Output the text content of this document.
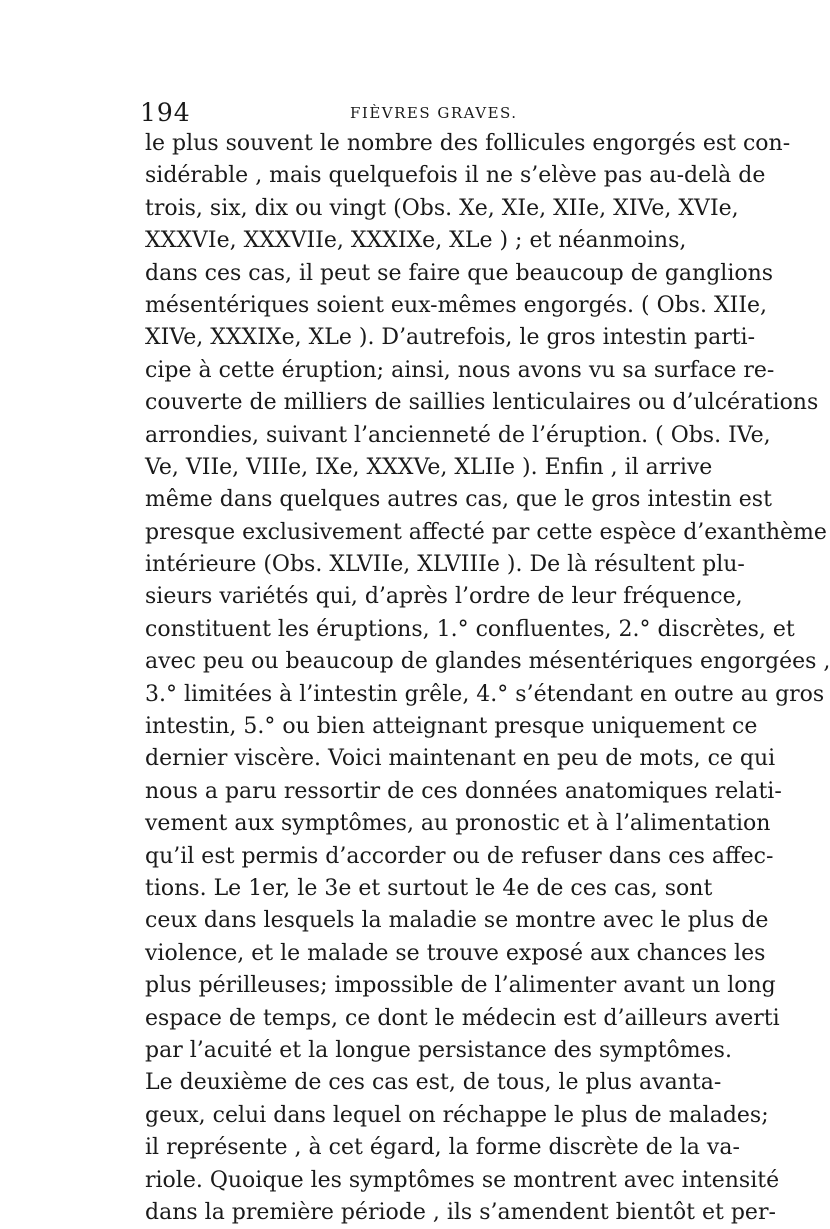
194	FIÈVRES GRAVES.
le plus souvent le nombre des follicules engorgés est con-
sidérable , mais quelquefois il ne s’elève pas au-delà de
trois, six, dix ou vingt (Obs. Xe, XIe, XIIe, XIVe, XVIe,
XXXVIe, XXXVIIe, XXXIXe, XLe ) ; et néanmoins,
dans ces cas, il peut se faire que beaucoup de ganglions
mésentériques soient eux-mêmes engorgés. ( Obs. XIIe,
XIVe, XXXIXe, XLe ). D’autrefois, le gros intestin parti-
cipe à cette éruption; ainsi, nous avons vu sa surface re-
couverte de milliers de saillies lenticulaires ou d’ulcérations
arrondies, suivant l’ancienneté de l’éruption. ( Obs. IVe,
Ve, VIIe, VIIIe, IXe, XXXVe, XLIIe ). Enfin , il arrive
même dans quelques autres cas, que le gros intestin est
presque exclusivement affecté par cette espèce d’exanthème
intérieure (Obs. XLVIIe, XLVIIIe ). De là résultent plu-
sieurs variétés qui, d’après l’ordre de leur fréquence,
constituent les éruptions, 1.° confluentes, 2.° discrètes, et
avec peu ou beaucoup de glandes mésentériques engorgées ,
3.° limitées à l’intestin grêle, 4.° s’étendant en outre au gros
intestin, 5.° ou bien atteignant presque uniquement ce
dernier viscère. Voici maintenant en peu de mots, ce qui
nous a paru ressortir de ces données anatomiques relati-
vement aux symptômes, au pronostic et à l’alimentation
qu’il est permis d’accorder ou de refuser dans ces affec-
tions. Le 1er, le 3e et surtout le 4e de ces cas, sont
ceux dans lesquels la maladie se montre avec le plus de
violence, et le malade se trouve exposé aux chances les
plus périlleuses; impossible de l’alimenter avant un long
espace de temps, ce dont le médecin est d’ailleurs averti
par l’acuité et la longue persistance des symptômes.
Le deuxième de ces cas est, de tous, le plus avanta-
geux, celui dans lequel on réchappe le plus de malades;
il représente , à cet égard, la forme discrète de la va-
riole. Quoique les symptômes se montrent avec intensité
dans la première période , ils s’amendent bientôt et per-
